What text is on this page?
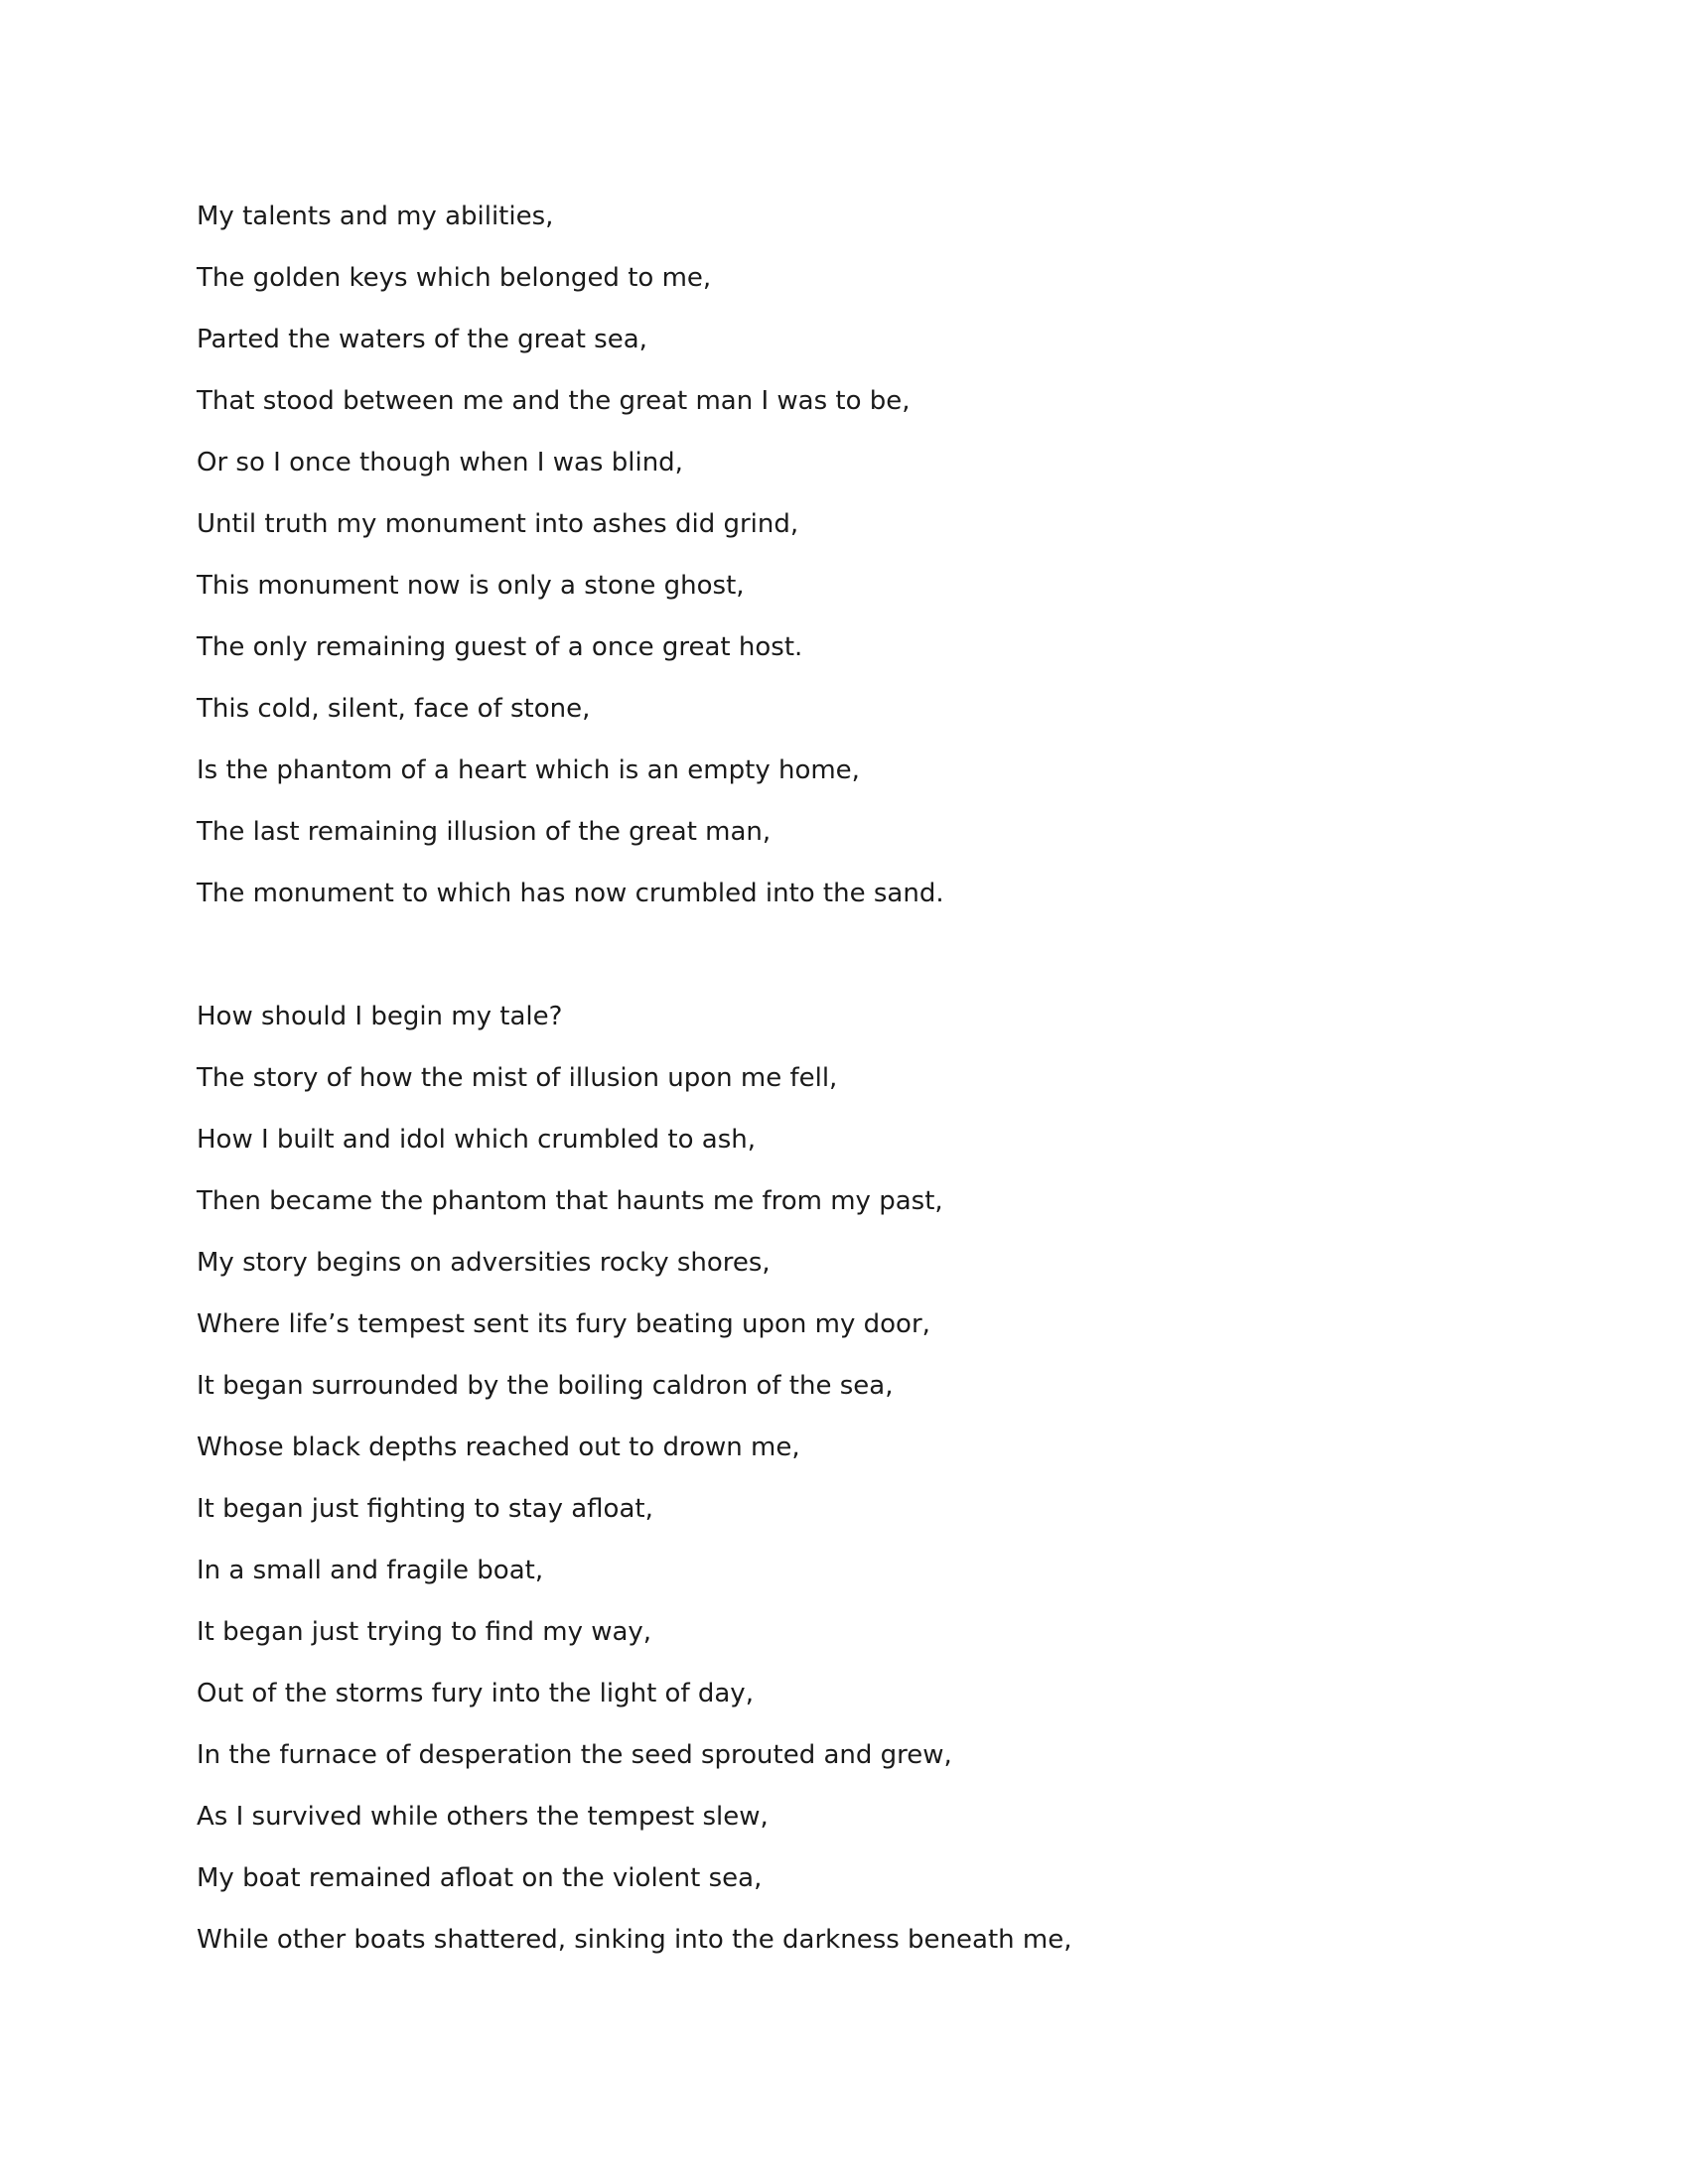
My talents and my abilities,
The golden keys which belonged to me,
Parted the waters of the great sea,
That stood between me and the great man I was to be,
Or so I once though when I was blind,
Until truth my monument into ashes did grind,
This monument now is only a stone ghost,
The only remaining guest of a once great host.
This cold, silent, face of stone,
Is the phantom of a heart which is an empty home,
The last remaining illusion of the great man,
The monument to which has now crumbled into the sand.
How should I begin my tale?
The story of how the mist of illusion upon me fell,
How I built and idol which crumbled to ash,
Then became the phantom that haunts me from my past,
My story begins on adversities rocky shores,
Where life’s tempest sent its fury beating upon my door,
It began surrounded by the boiling caldron of the sea,
Whose black depths reached out to drown me,
It began just fighting to stay afloat,
In a small and fragile boat,
It began just trying to find my way,
Out of the storms fury into the light of day,
In the furnace of desperation the seed sprouted and grew,
As I survived while others the tempest slew,
My boat remained afloat on the violent sea,
While other boats shattered, sinking into the darkness beneath me,
